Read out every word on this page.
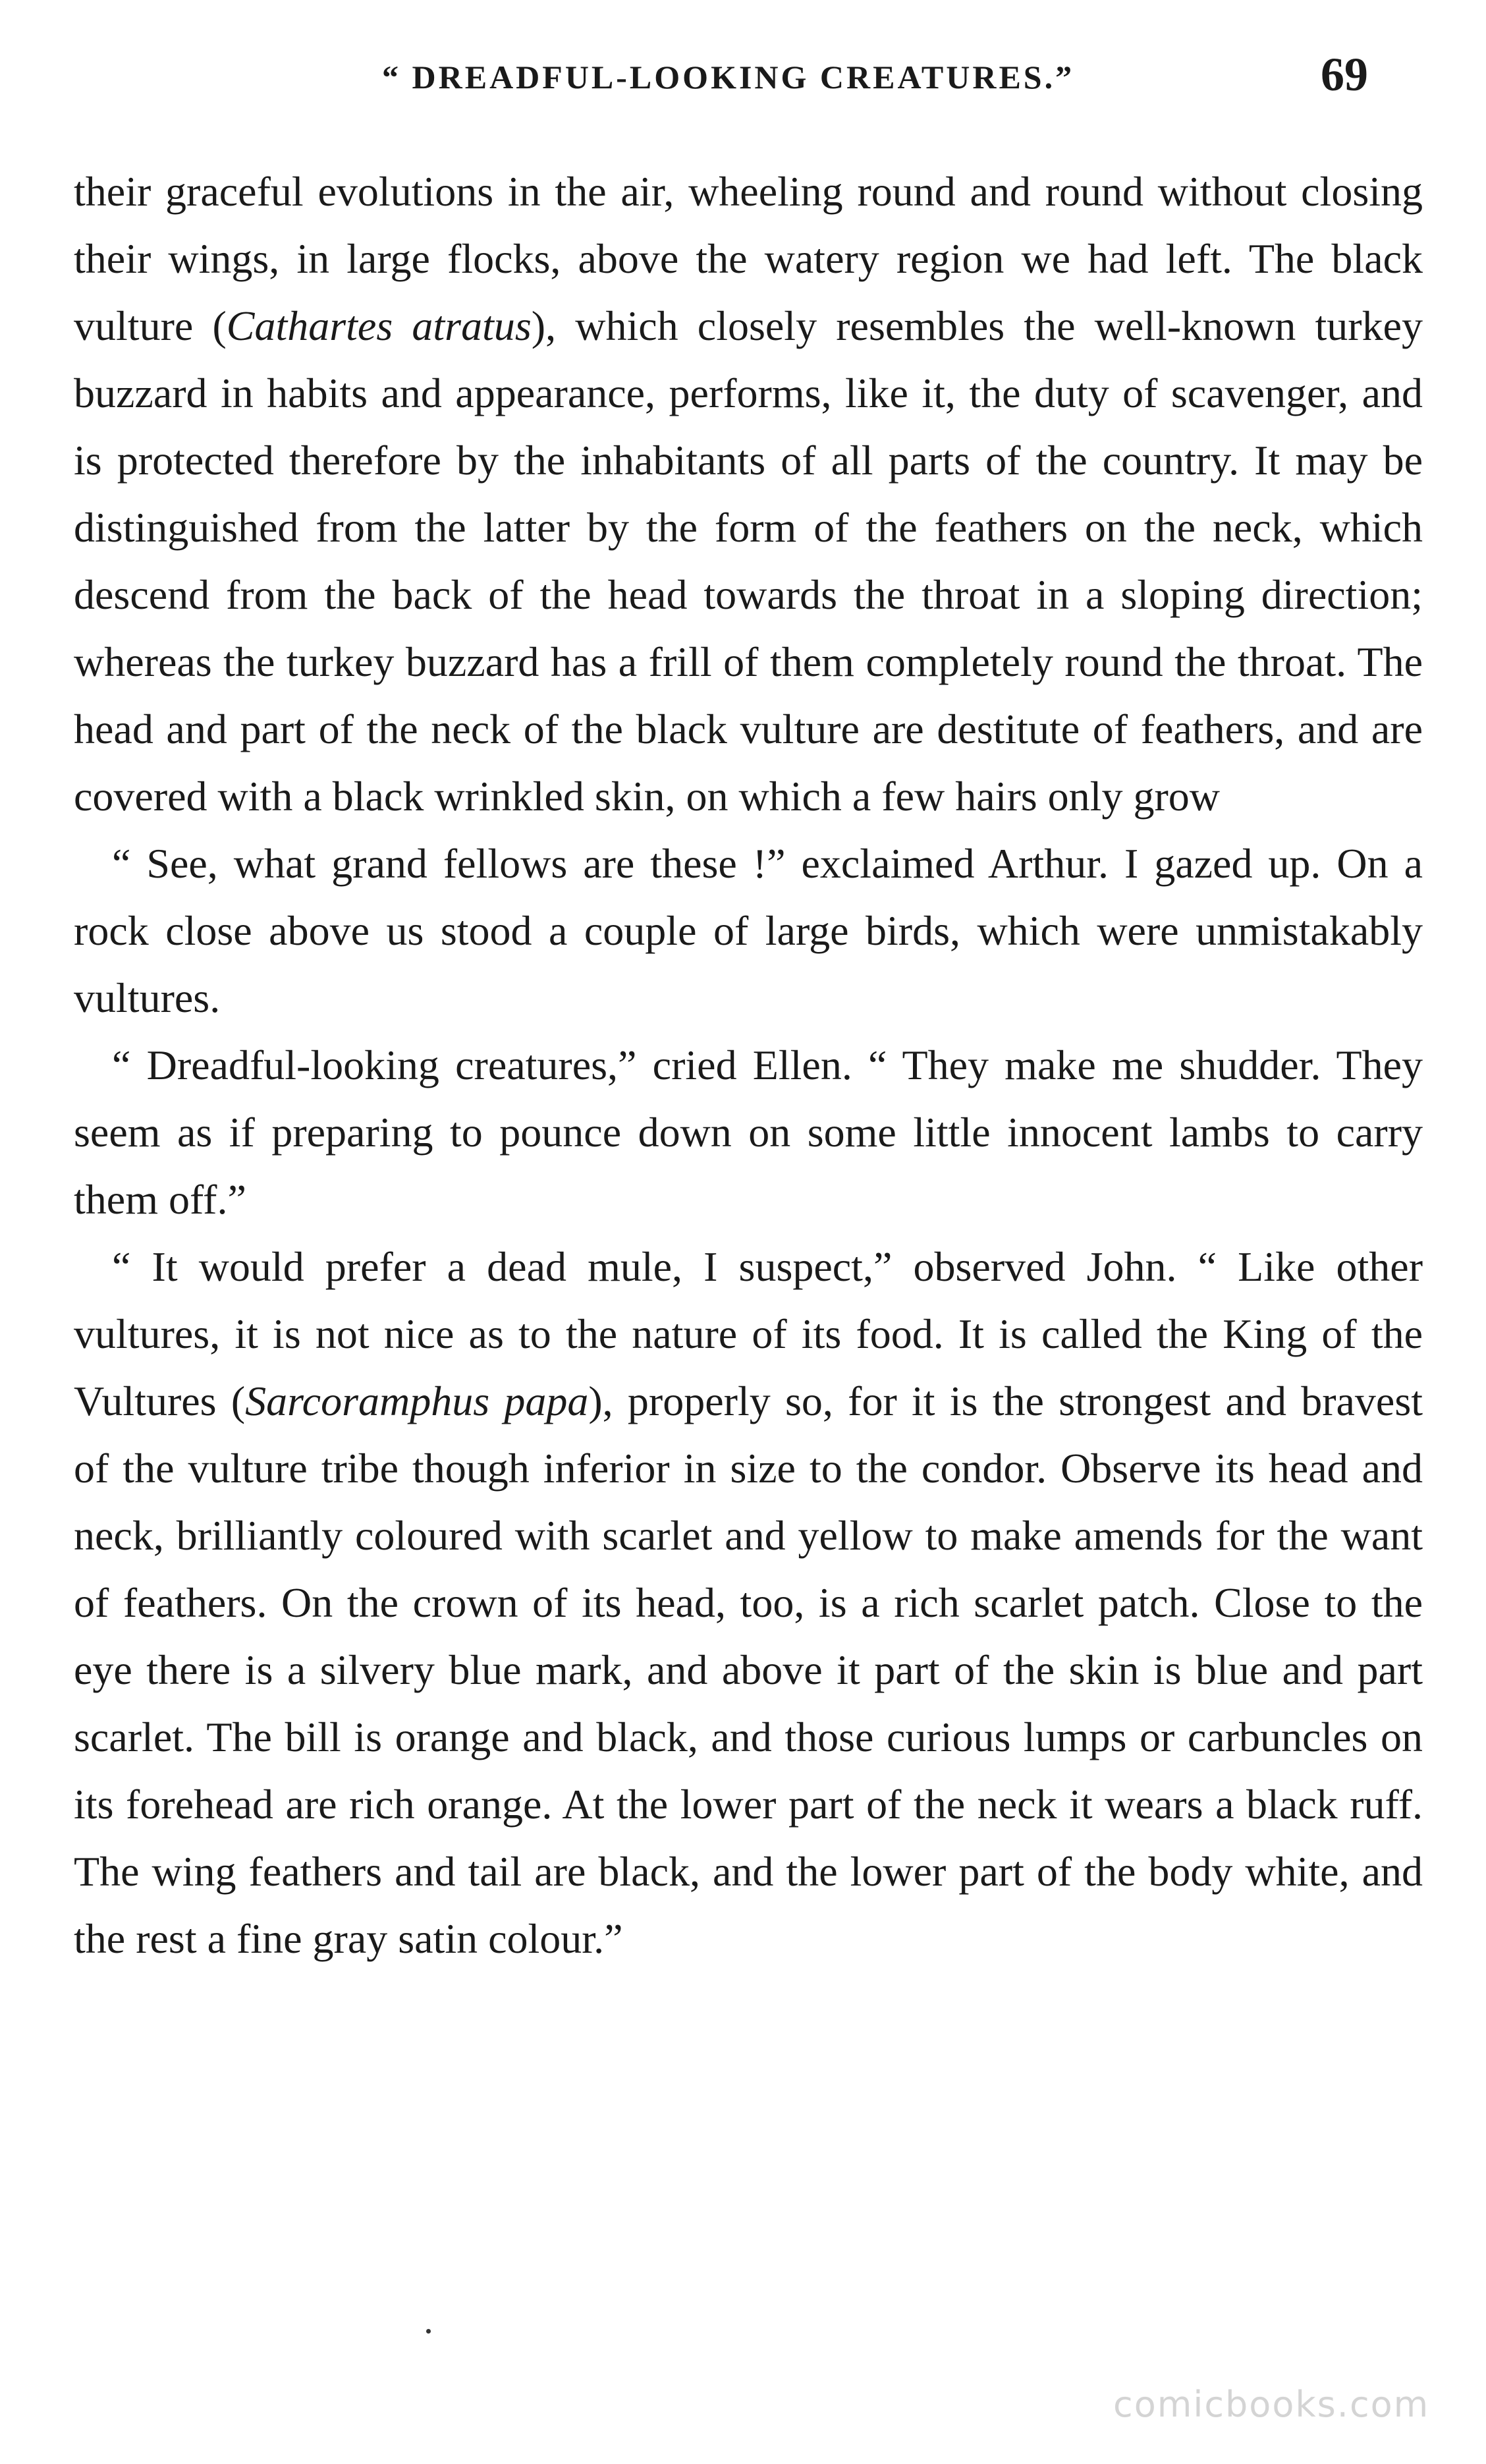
“ DREADFUL-LOOKING CREATURES.”	69

their graceful evolutions in the air, wheeling round and round without closing their wings, in large flocks, above the watery region we had left. The black vulture (Cathartes atratus), which closely resembles the well-known turkey buzzard in habits and appearance, performs, like it, the duty of scavenger, and is protected therefore by the inhabitants of all parts of the country. It may be distinguished from the latter by the form of the feathers on the neck, which descend from the back of the head towards the throat in a sloping direction; whereas the turkey buzzard has a frill of them completely round the throat. The head and part of the neck of the black vulture are destitute of feathers, and are covered with a black wrinkled skin, on which a few hairs only grow

“ See, what grand fellows are these !” exclaimed Arthur. I gazed up. On a rock close above us stood a couple of large birds, which were unmistakably vultures.

“ Dreadful-looking creatures,” cried Ellen. “ They make me shudder. They seem as if preparing to pounce down on some little innocent lambs to carry them off.”

“ It would prefer a dead mule, I suspect,” observed John. “ Like other vultures, it is not nice as to the nature of its food. It is called the King of the Vultures (Sarcoramphus papa), properly so, for it is the strongest and bravest of the vulture tribe though inferior in size to the condor. Observe its head and neck, brilliantly coloured with scarlet and yellow to make amends for the want of feathers. On the crown of its head, too, is a rich scarlet patch. Close to the eye there is a silvery blue mark, and above it part of the skin is blue and part scarlet. The bill is orange and black, and those curious lumps or carbuncles on its forehead are rich orange. At the lower part of the neck it wears a black ruff. The wing feathers and tail are black, and the lower part of the body white, and the rest a fine gray satin colour.”

comicbooks.com
